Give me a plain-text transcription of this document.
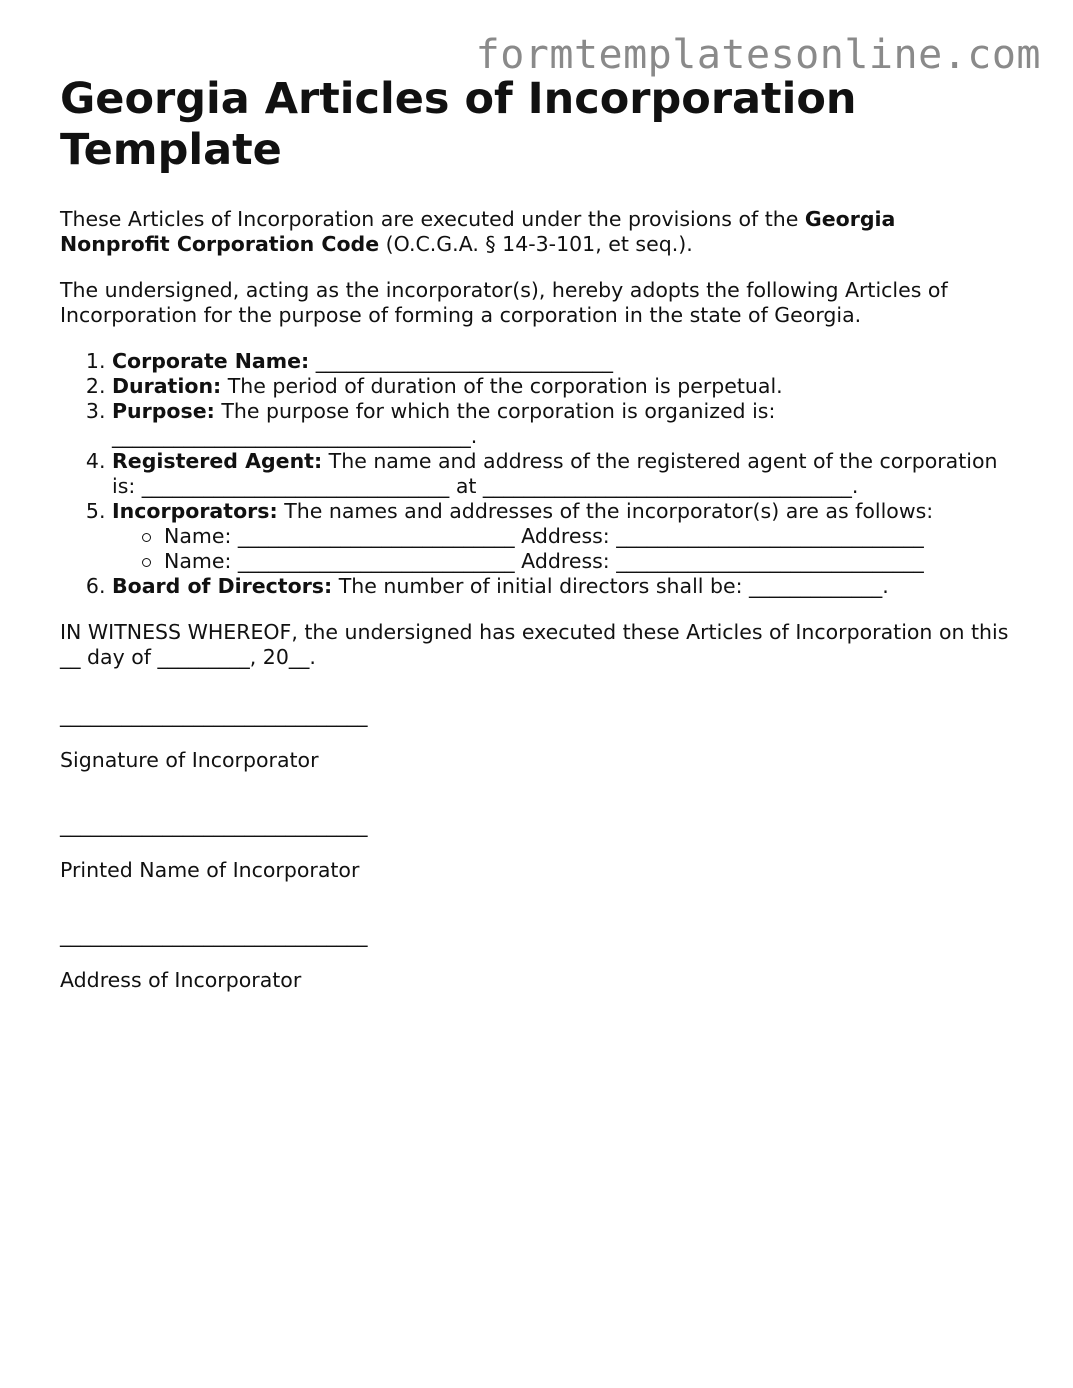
formtemplatesonline.com
Georgia Articles of Incorporation Template

These Articles of Incorporation are executed under the provisions of the Georgia Nonprofit Corporation Code (O.C.G.A. § 14-3-101, et seq.).

The undersigned, acting as the incorporator(s), hereby adopts the following Articles of Incorporation for the purpose of forming a corporation in the state of Georgia.

1. Corporate Name: _____________________________
2. Duration: The period of duration of the corporation is perpetual.
3. Purpose: The purpose for which the corporation is organized is: ___________________________________.
4. Registered Agent: The name and address of the registered agent of the corporation is: ______________________________ at ____________________________________.
5. Incorporators: The names and addresses of the incorporator(s) are as follows:
Name: ___________________________ Address: ______________________________
Name: ___________________________ Address: ______________________________
6. Board of Directors: The number of initial directors shall be: _____________.

IN WITNESS WHEREOF, the undersigned has executed these Articles of Incorporation on this __ day of _________, 20__.

______________________________
Signature of Incorporator

______________________________
Printed Name of Incorporator

______________________________
Address of Incorporator
